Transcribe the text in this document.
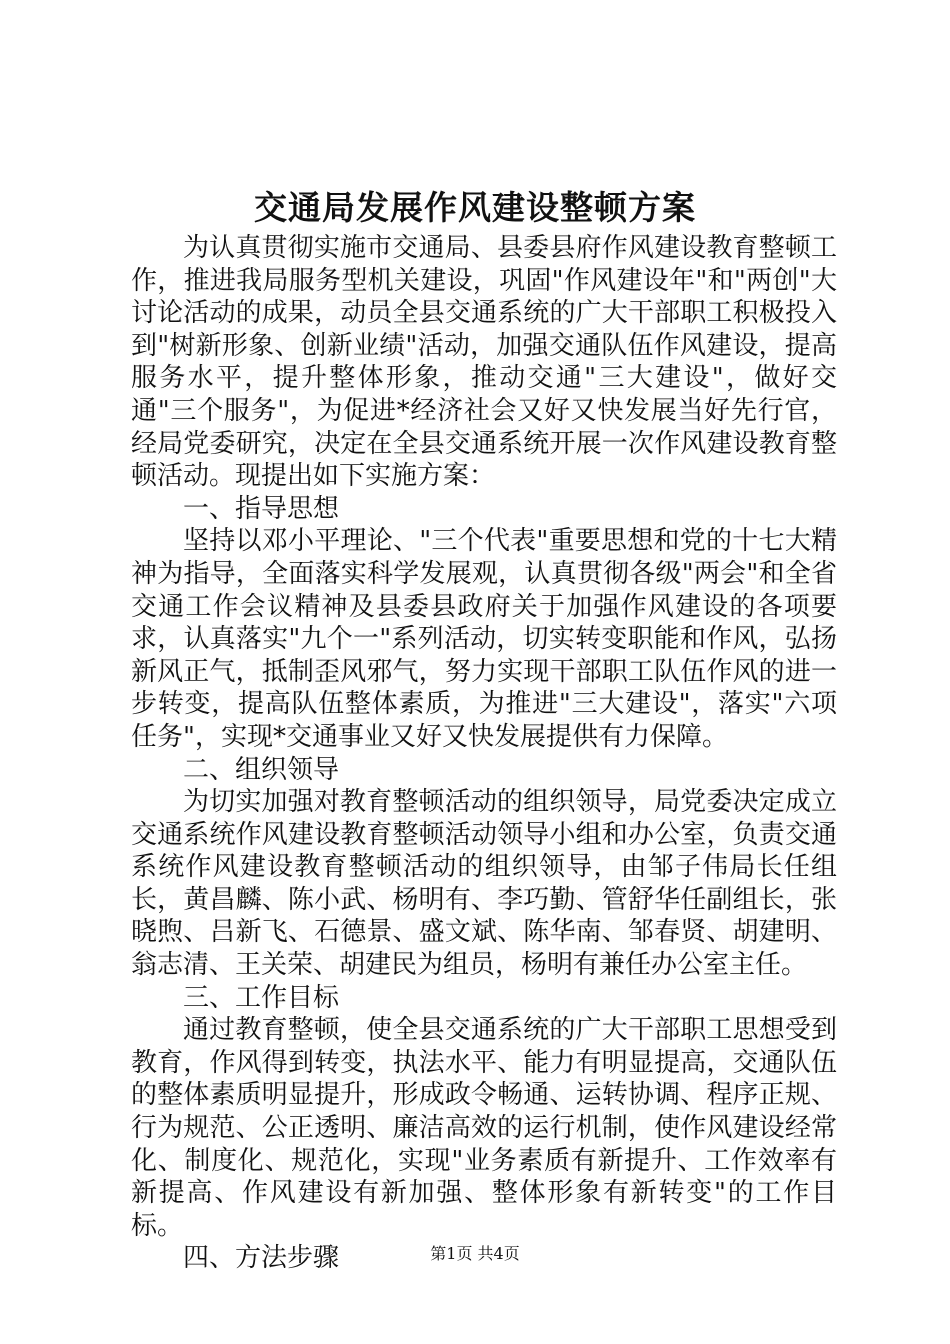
交通局发展作风建设整顿方案

为认真贯彻实施市交通局、县委县府作风建设教育整顿工作，推进我局服务型机关建设，巩固"作风建设年"和"两创"大讨论活动的成果，动员全县交通系统的广大干部职工积极投入到"树新形象、创新业绩"活动，加强交通队伍作风建设，提高服务水平，提升整体形象，推动交通"三大建设"，做好交通"三个服务"，为促进*经济社会又好又快发展当好先行官，经局党委研究，决定在全县交通系统开展一次作风建设教育整顿活动。现提出如下实施方案：

一、指导思想

坚持以邓小平理论、"三个代表"重要思想和党的十七大精神为指导，全面落实科学发展观，认真贯彻各级"两会"和全省交通工作会议精神及县委县政府关于加强作风建设的各项要求，认真落实"九个一"系列活动，切实转变职能和作风，弘扬新风正气，抵制歪风邪气，努力实现干部职工队伍作风的进一步转变，提高队伍整体素质，为推进"三大建设"，落实"六项任务"，实现*交通事业又好又快发展提供有力保障。

二、组织领导

为切实加强对教育整顿活动的组织领导，局党委决定成立交通系统作风建设教育整顿活动领导小组和办公室，负责交通系统作风建设教育整顿活动的组织领导，由邹子伟局长任组长，黄昌麟、陈小武、杨明有、李巧勤、管舒华任副组长，张晓煦、吕新飞、石德景、盛文斌、陈华南、邹春贤、胡建明、翁志清、王关荣、胡建民为组员，杨明有兼任办公室主任。

三、工作目标

通过教育整顿，使全县交通系统的广大干部职工思想受到教育，作风得到转变，执法水平、能力有明显提高，交通队伍的整体素质明显提升，形成政令畅通、运转协调、程序正规、行为规范、公正透明、廉洁高效的运行机制，使作风建设经常化、制度化、规范化，实现"业务素质有新提升、工作效率有新提高、作风建设有新加强、整体形象有新转变"的工作目标。

四、方法步骤	第1页 共4页
